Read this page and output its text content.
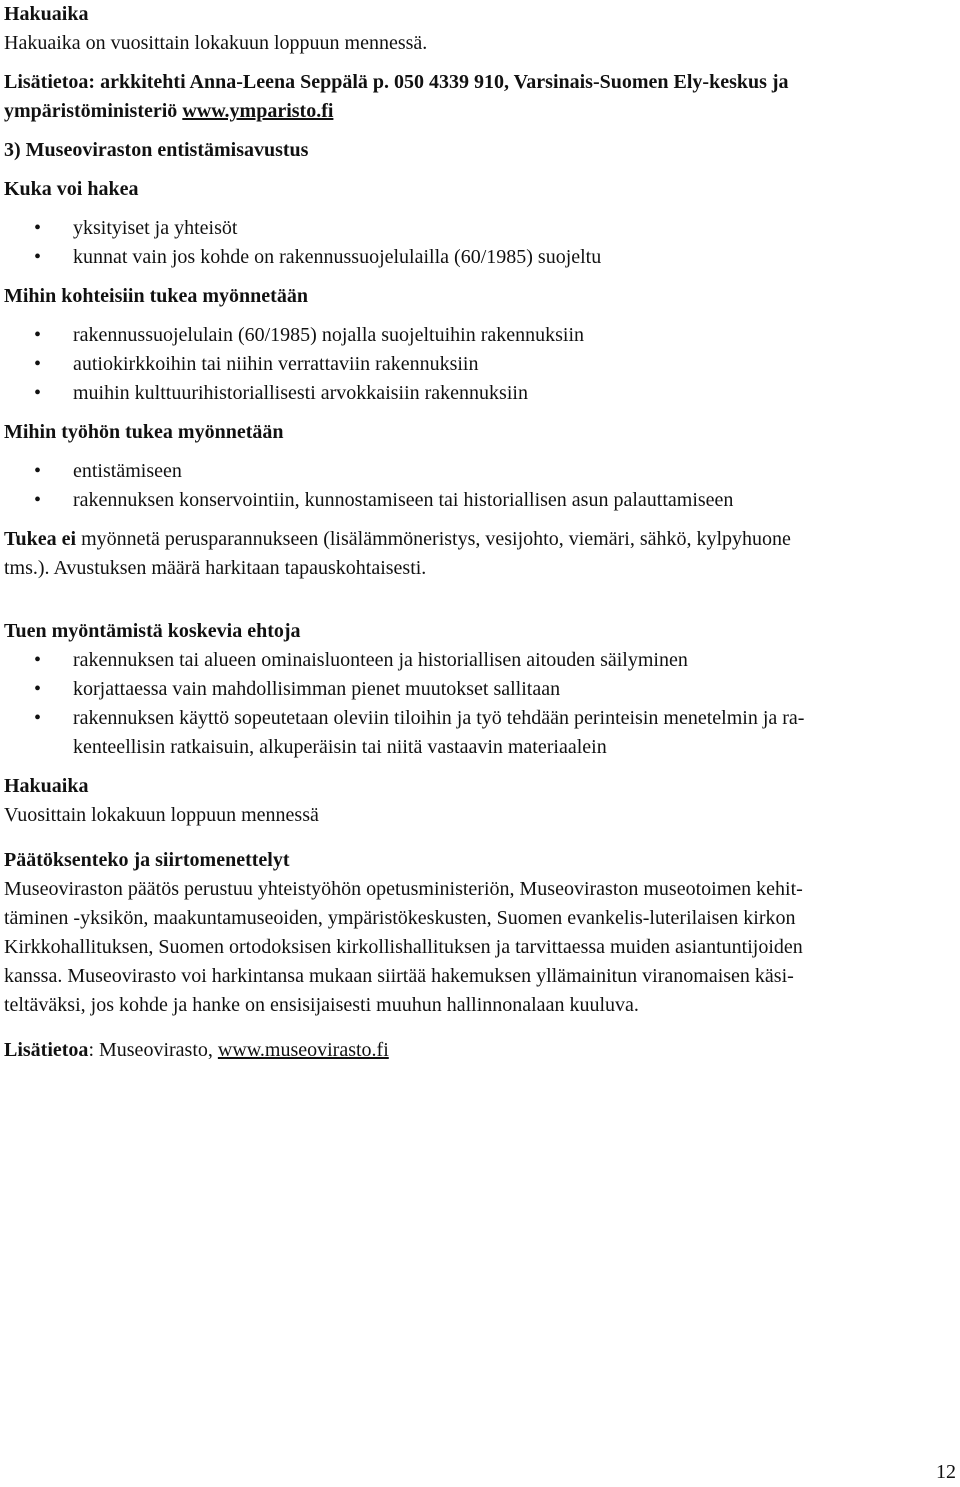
Hakuaika

Hakuaika on vuosittain lokakuun loppuun mennessä.

Lisätietoa: arkkitehti Anna-Leena Seppälä p. 050 4339 910, Varsinais-Suomen Ely-keskus ja

ympäristöministeriö www.ymparisto.fi

3) Museoviraston entistämisavustus

Kuka voi hakea

• yksityiset ja yhteisöt
• kunnat vain jos kohde on rakennussuojelulailla (60/1985) suojeltu

Mihin kohteisiin tukea myönnetään

• rakennussuojelulain (60/1985) nojalla suojeltuihin rakennuksiin
• autiokirkkoihin tai niihin verrattaviin rakennuksiin
• muihin kulttuurihistoriallisesti arvokkaisiin rakennuksiin

Mihin työhön tukea myönnetään

• entistämiseen
• rakennuksen konservointiin, kunnostamiseen tai historiallisen asun palauttamiseen

Tukea ei myönnetä perusparannukseen (lisälämmöneristys, vesijohto, viemäri, sähkö, kylpyhuone

tms.). Avustuksen määrä harkitaan tapauskohtaisesti.

Tuen myöntämistä koskevia ehtoja

• rakennuksen tai alueen ominaisluonteen ja historiallisen aitouden säilyminen
• korjattaessa vain mahdollisimman pienet muutokset sallitaan
• rakennuksen käyttö sopeutetaan oleviin tiloihin ja työ tehdään perinteisin menetelmin ja ra-
kenteellisin ratkaisuin, alkuperäisin tai niitä vastaavin materiaalein

Hakuaika

Vuosittain lokakuun loppuun mennessä

Päätöksenteko ja siirtomenettelyt

Museoviraston päätös perustuu yhteistyöhön opetusministeriön, Museoviraston museotoimen kehit-

täminen -yksikön, maakuntamuseoiden, ympäristökeskusten, Suomen evankelis-luterilaisen kirkon

Kirkkohallituksen, Suomen ortodoksisen kirkollishallituksen ja tarvittaessa muiden asiantuntijoiden

kanssa. Museovirasto voi harkintansa mukaan siirtää hakemuksen yllämainitun viranomaisen käsi-

teltäväksi, jos kohde ja hanke on ensisijaisesti muuhun hallinnonalaan kuuluva.

Lisätietoa: Museovirasto, www.museovirasto.fi

12
